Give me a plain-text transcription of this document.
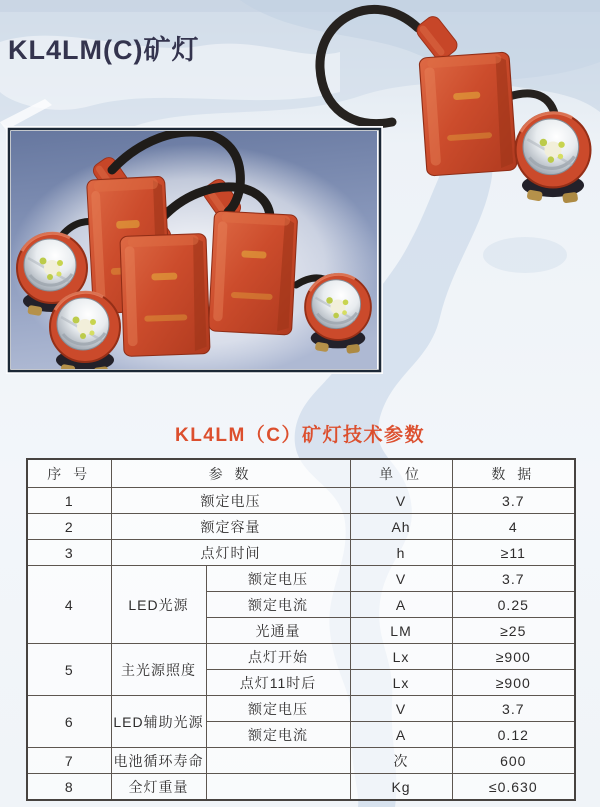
KL4LM(C)矿灯
KL4LM（C）矿灯技术参数
序 号	参 数		单 位	数 据
1	额定电压		V	3.7
2	额定容量		Ah	4
3	点灯时间		h	≥11
4	LED光源	额定电压	V	3.7
		额定电流	A	0.25
		光通量	LM	≥25
5	主光源照度	点灯开始	Lx	≥900
		点灯11时后	Lx	≥900
6	LED辅助光源	额定电压	V	3.7
		额定电流	A	0.12
7	电池循环寿命		次	600
8	全灯重量		Kg	≤0.630
